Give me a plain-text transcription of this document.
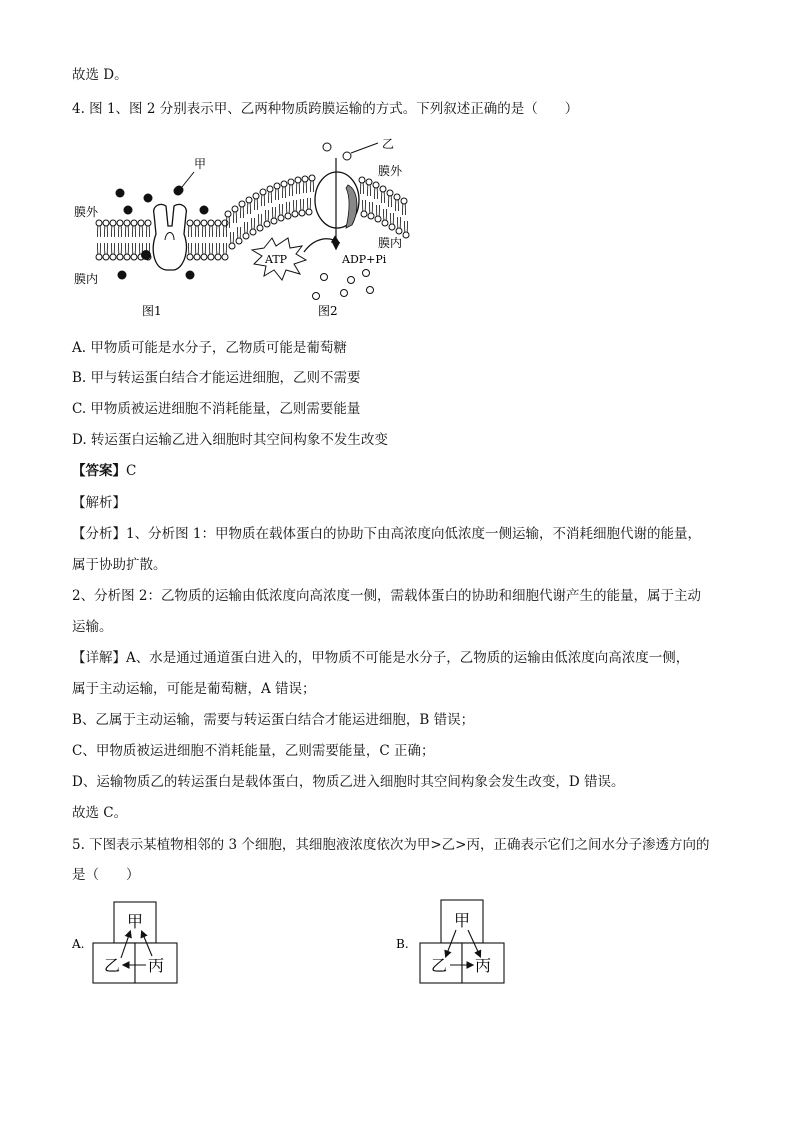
故选 D。
4. 图 1、图 2 分别表示甲、乙两种物质跨膜运输的方式。下列叙述正确的是（　　）
甲
膜外
膜内
图1
乙
膜外
膜内
ATP	ADP+Pi
图2
A. 甲物质可能是水分子，乙物质可能是葡萄糖
B. 甲与转运蛋白结合才能运进细胞，乙则不需要
C. 甲物质被运进细胞不消耗能量，乙则需要能量
D. 转运蛋白运输乙进入细胞时其空间构象不发生改变
【答案】C
【解析】
【分析】1、分析图 1：甲物质在载体蛋白的协助下由高浓度向低浓度一侧运输，不消耗细胞代谢的能量，
属于协助扩散。
2、分析图 2：乙物质的运输由低浓度向高浓度一侧，需载体蛋白的协助和细胞代谢产生的能量，属于主动
运输。
【详解】A、水是通过通道蛋白进入的，甲物质不可能是水分子，乙物质的运输由低浓度向高浓度一侧，
属于主动运输，可能是葡萄糖，A 错误；
B、乙属于主动运输，需要与转运蛋白结合才能运进细胞，B 错误；
C、甲物质被运进细胞不消耗能量，乙则需要能量，C 正确；
D、运输物质乙的转运蛋白是载体蛋白，物质乙进入细胞时其空间构象会发生改变，D 错误。
故选 C。
5. 下图表示某植物相邻的 3 个细胞，其细胞液浓度依次为甲>乙>丙，正确表示它们之间水分子渗透方向的
是（　　）
A.
甲
乙 丙
B.
甲
乙 丙
